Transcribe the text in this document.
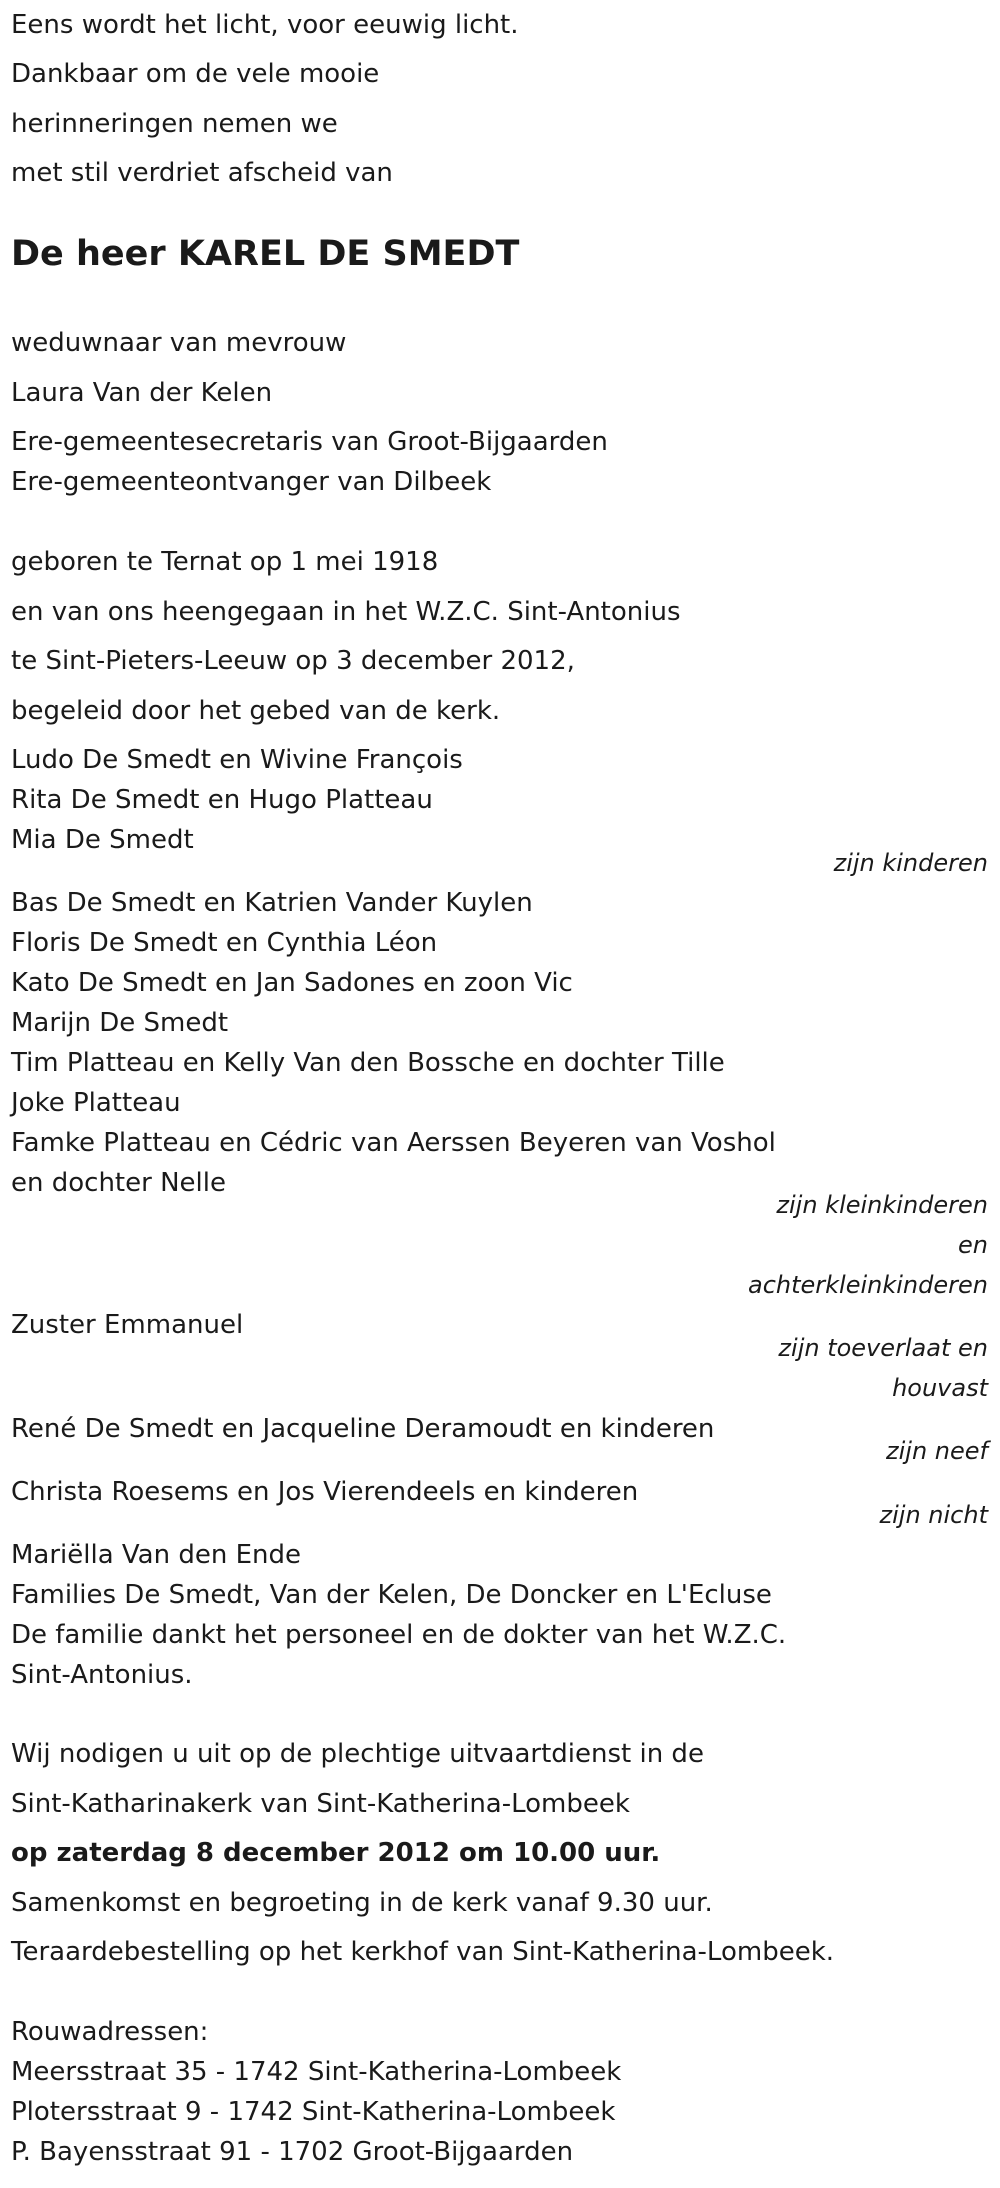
Eens wordt het licht, voor eeuwig licht.
Dankbaar om de vele mooie
herinneringen nemen we
met stil verdriet afscheid van
De heer KAREL DE SMEDT
weduwnaar van mevrouw
Laura Van der Kelen
Ere-gemeentesecretaris van Groot-Bijgaarden
Ere-gemeenteontvanger van Dilbeek
geboren te Ternat op 1 mei 1918
en van ons heengegaan in het W.Z.C. Sint-Antonius
te Sint-Pieters-Leeuw op 3 december 2012,
begeleid door het gebed van de kerk.
Ludo De Smedt en Wivine François
Rita De Smedt en Hugo Platteau
Mia De Smedt
zijn kinderen
Bas De Smedt en Katrien Vander Kuylen
Floris De Smedt en Cynthia Léon
Kato De Smedt en Jan Sadones en zoon Vic
Marijn De Smedt
Tim Platteau en Kelly Van den Bossche en dochter Tille
Joke Platteau
Famke Platteau en Cédric van Aerssen Beyeren van Voshol
en dochter Nelle
zijn kleinkinderen
en
achterkleinkinderen
Zuster Emmanuel
zijn toeverlaat en
houvast
René De Smedt en Jacqueline Deramoudt en kinderen
zijn neef
Christa Roesems en Jos Vierendeels en kinderen
zijn nicht
Mariëlla Van den Ende
Families De Smedt, Van der Kelen, De Doncker en L'Ecluse
De familie dankt het personeel en de dokter van het W.Z.C.
Sint-Antonius.
Wij nodigen u uit op de plechtige uitvaartdienst in de
Sint-Katharinakerk van Sint-Katherina-Lombeek
op zaterdag 8 december 2012 om 10.00 uur.
Samenkomst en begroeting in de kerk vanaf 9.30 uur.
Teraardebestelling op het kerkhof van Sint-Katherina-Lombeek.
Rouwadressen:
Meersstraat 35 - 1742 Sint-Katherina-Lombeek
Plotersstraat 9 - 1742 Sint-Katherina-Lombeek
P. Bayensstraat 91 - 1702 Groot-Bijgaarden
